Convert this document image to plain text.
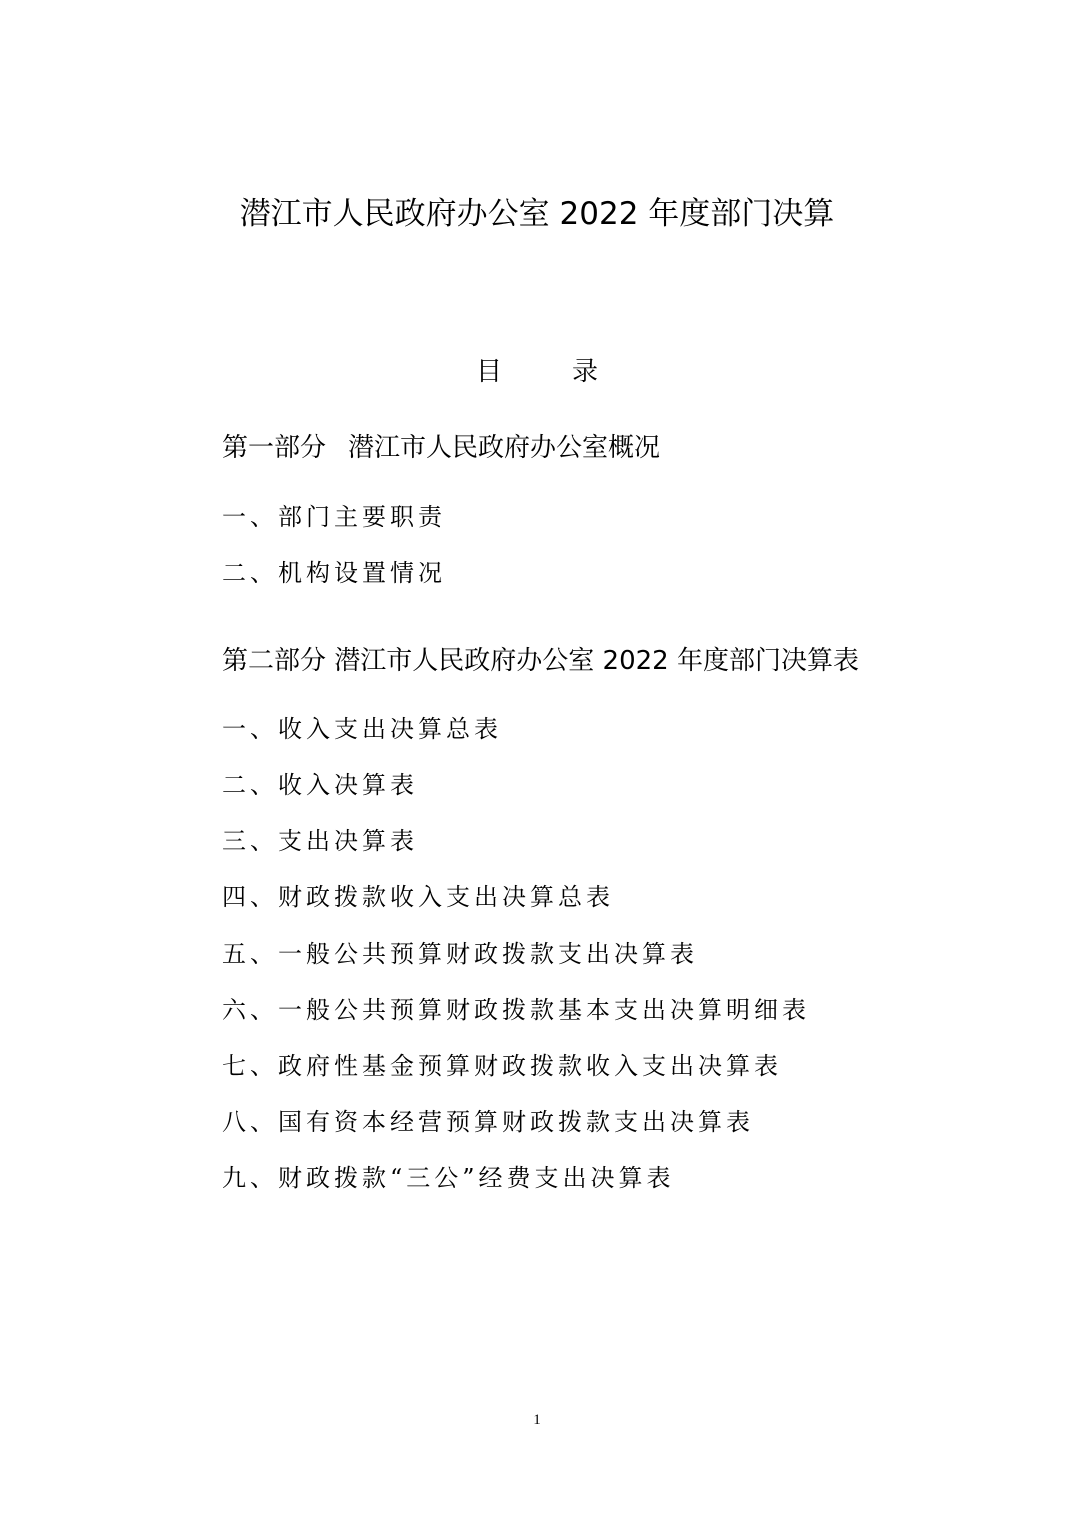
潜江市人民政府办公室 2022 年度部门决算
目	录
第一部分 潜江市人民政府办公室概况
一、部门主要职责
二、机构设置情况
第二部分 潜江市人民政府办公室 2022 年度部门决算表
一、收入支出决算总表
二、收入决算表
三、支出决算表
四、财政拨款收入支出决算总表
五、一般公共预算财政拨款支出决算表
六、一般公共预算财政拨款基本支出决算明细表
七、政府性基金预算财政拨款收入支出决算表
八、国有资本经营预算财政拨款支出决算表
九、财政拨款“三公”经费支出决算表
1
